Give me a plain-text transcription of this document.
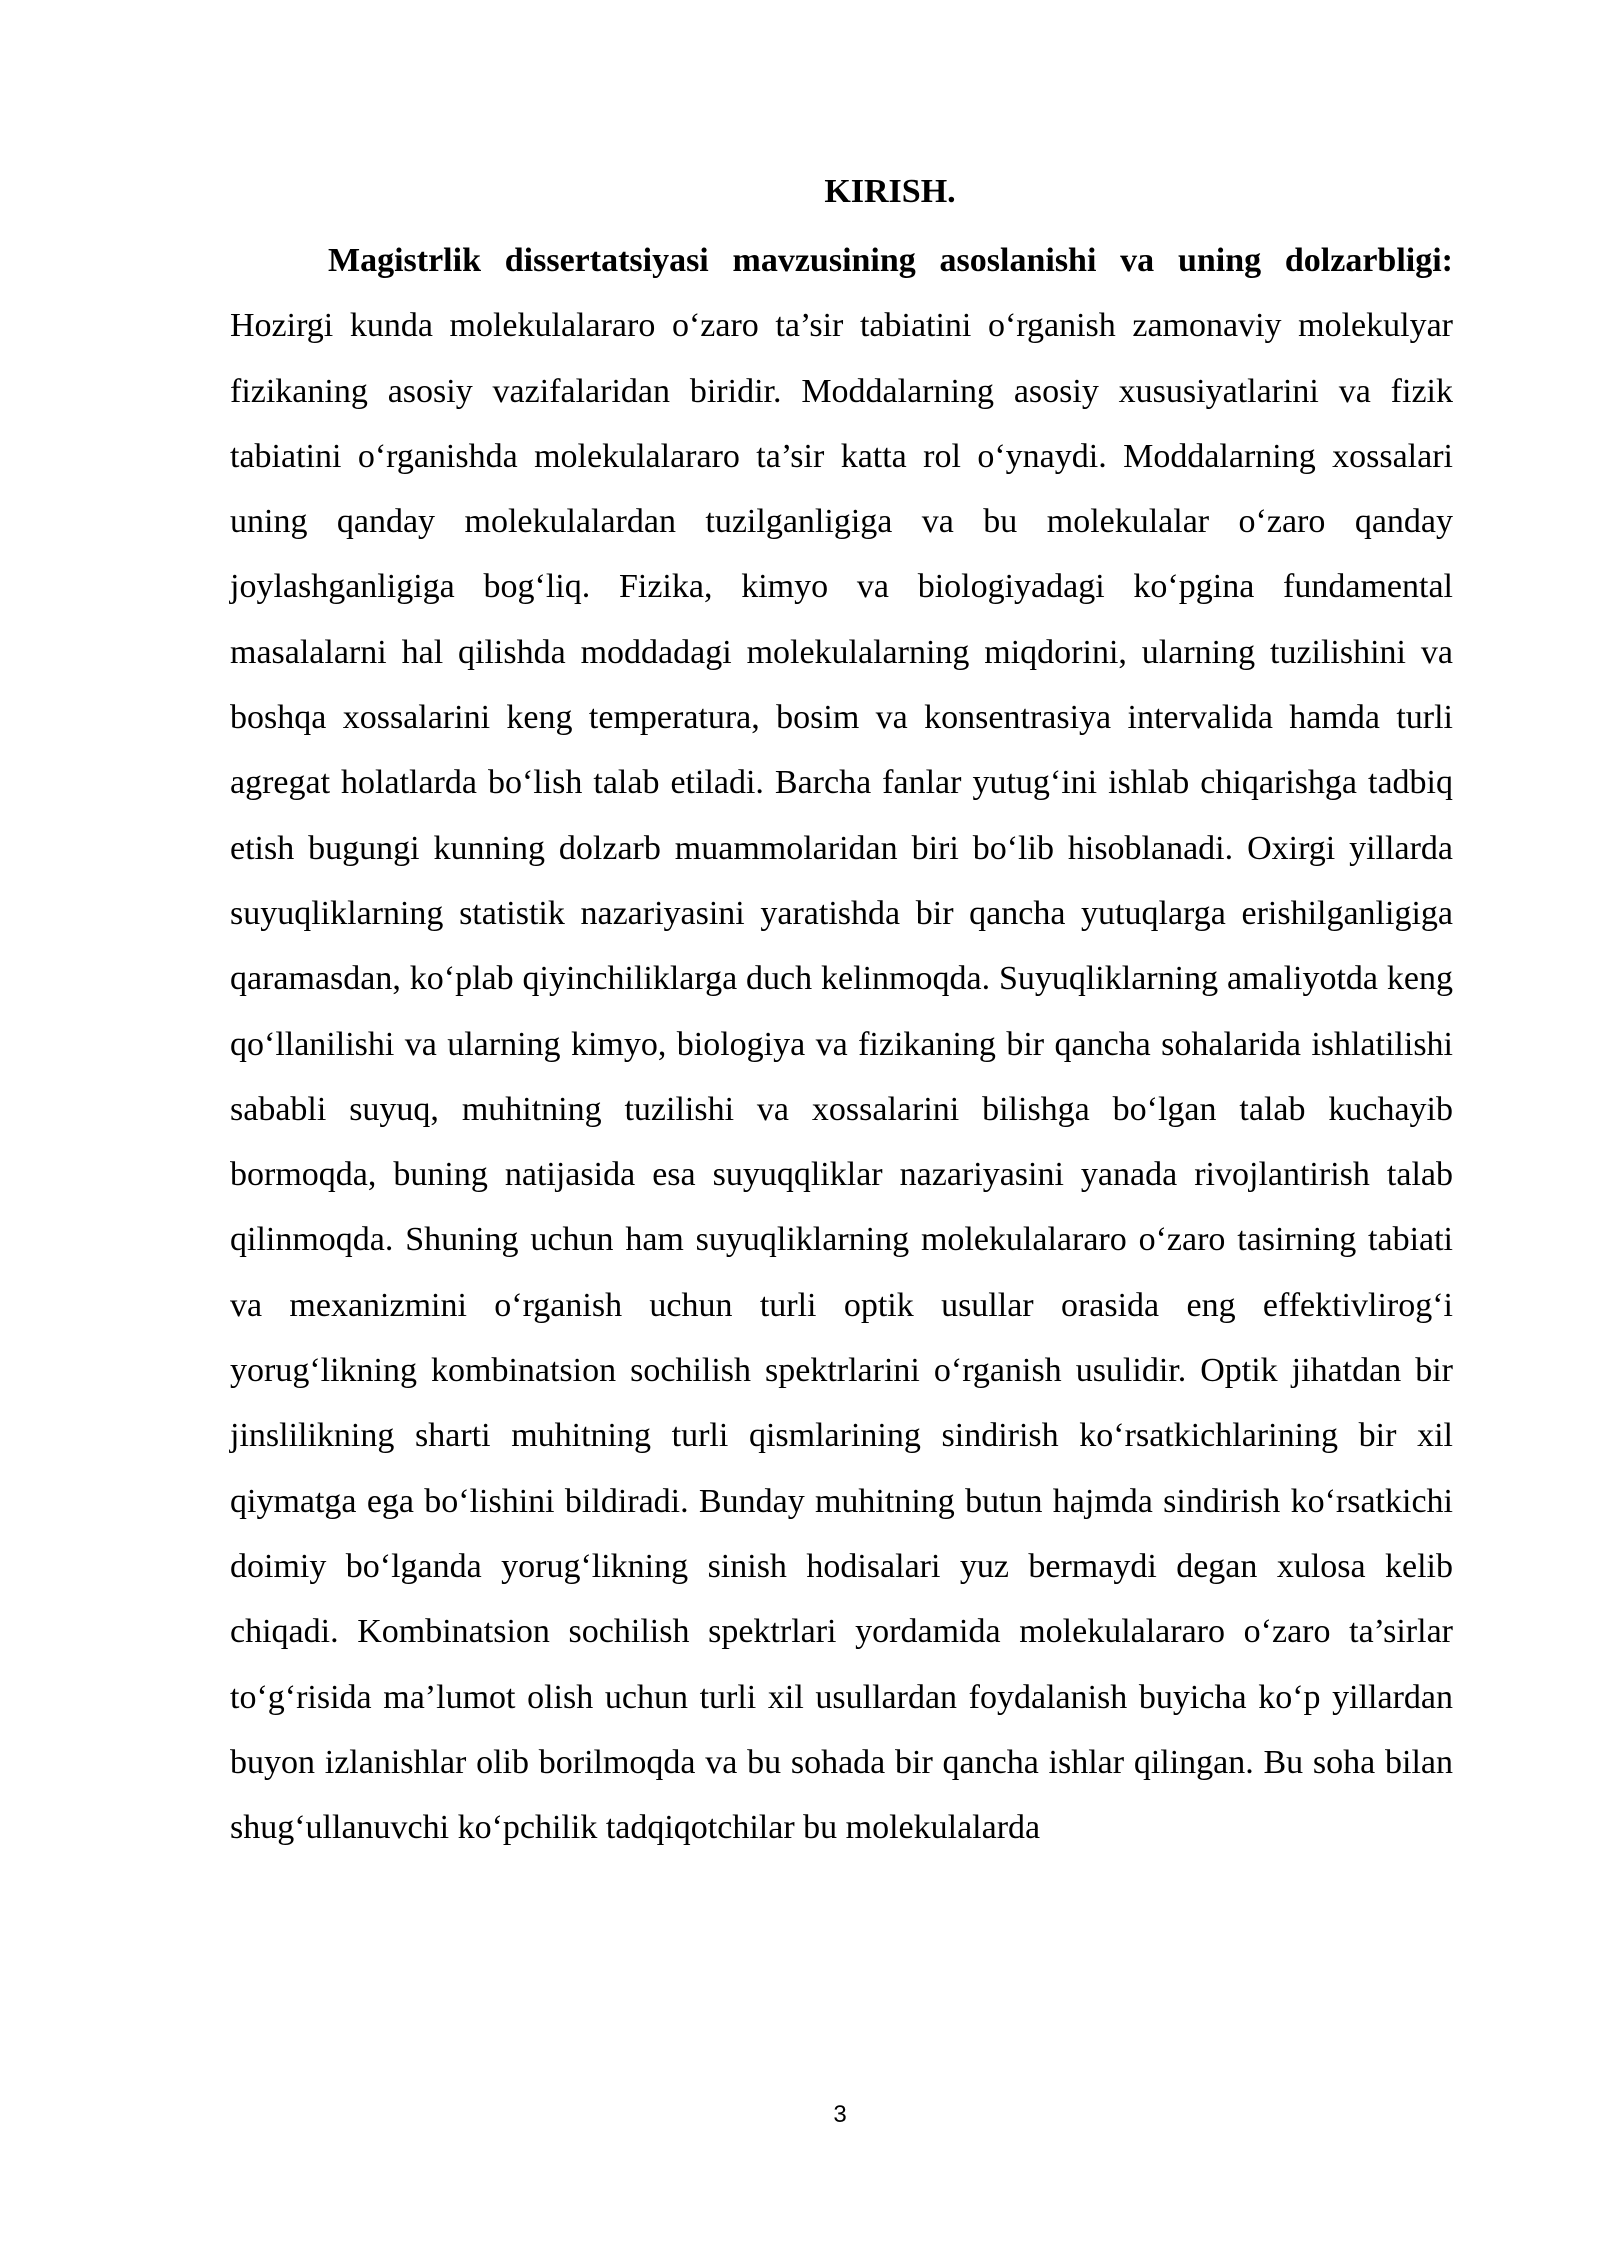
KIRISH.

Magistrlik dissertatsiyasi mavzusining asoslanishi va uning dolzarbligi: Hozirgi kunda molekulalararo o‘zaro ta’sir tabiatini o‘rganish zamonaviy molekulyar fizikaning asosiy vazifalaridan biridir. Moddalarning asosiy xususiyatlarini va fizik tabiatini o‘rganishda molekulalararo ta’sir katta rol o‘ynaydi. Moddalarning xossalari uning qanday molekulalardan tuzilganligiga va bu molekulalar o‘zaro qanday joylashganligiga bog‘liq. Fizika, kimyo va biologiyadagi ko‘pgina fundamental masalalarni hal qilishda moddadagi molekulalarning miqdorini, ularning tuzilishini va boshqa xossalarini keng temperatura, bosim va konsentrasiya intervalida hamda turli agregat holatlarda bo‘lish talab etiladi. Barcha fanlar yutug‘ini ishlab chiqarishga tadbiq etish bugungi kunning dolzarb muammolaridan biri bo‘lib hisoblanadi. Oxirgi yillarda suyuqliklarning statistik nazariyasini yaratishda bir qancha yutuqlarga erishilganligiga qaramasdan, ko‘plab qiyinchiliklarga duch kelinmoqda. Suyuqliklarning amaliyotda keng qo‘llanilishi va ularning kimyo, biologiya va fizikaning bir qancha sohalarida ishlatilishi sababli suyuq, muhitning tuzilishi va xossalarini bilishga bo‘lgan talab kuchayib bormoqda, buning natijasida esa suyuqqliklar nazariyasini yanada rivojlantirish talab qilinmoqda. Shuning uchun ham suyuqliklarning molekulalararo o‘zaro tasirning tabiati va mexanizmini o‘rganish uchun turli optik usullar orasida eng effektivlirog‘i yorug‘likning kombinatsion sochilish spektrlarini o‘rganish usulidir. Optik jihatdan bir jinslilikning sharti muhitning turli qismlarining sindirish ko‘rsatkichlarining bir xil qiymatga ega bo‘lishini bildiradi. Bunday muhitning butun hajmda sindirish ko‘rsatkichi doimiy bo‘lganda yorug‘likning sinish hodisalari yuz bermaydi degan xulosa kelib chiqadi. Kombinatsion sochilish spektrlari yordamida molekulalararo o‘zaro ta’sirlar to‘g‘risida ma’lumot olish uchun turli xil usullardan foydalanish buyicha ko‘p yillardan buyon izlanishlar olib borilmoqda va bu sohada bir qancha ishlar qilingan. Bu soha bilan shug‘ullanuvchi ko‘pchilik tadqiqotchilar bu molekulalarda

3
